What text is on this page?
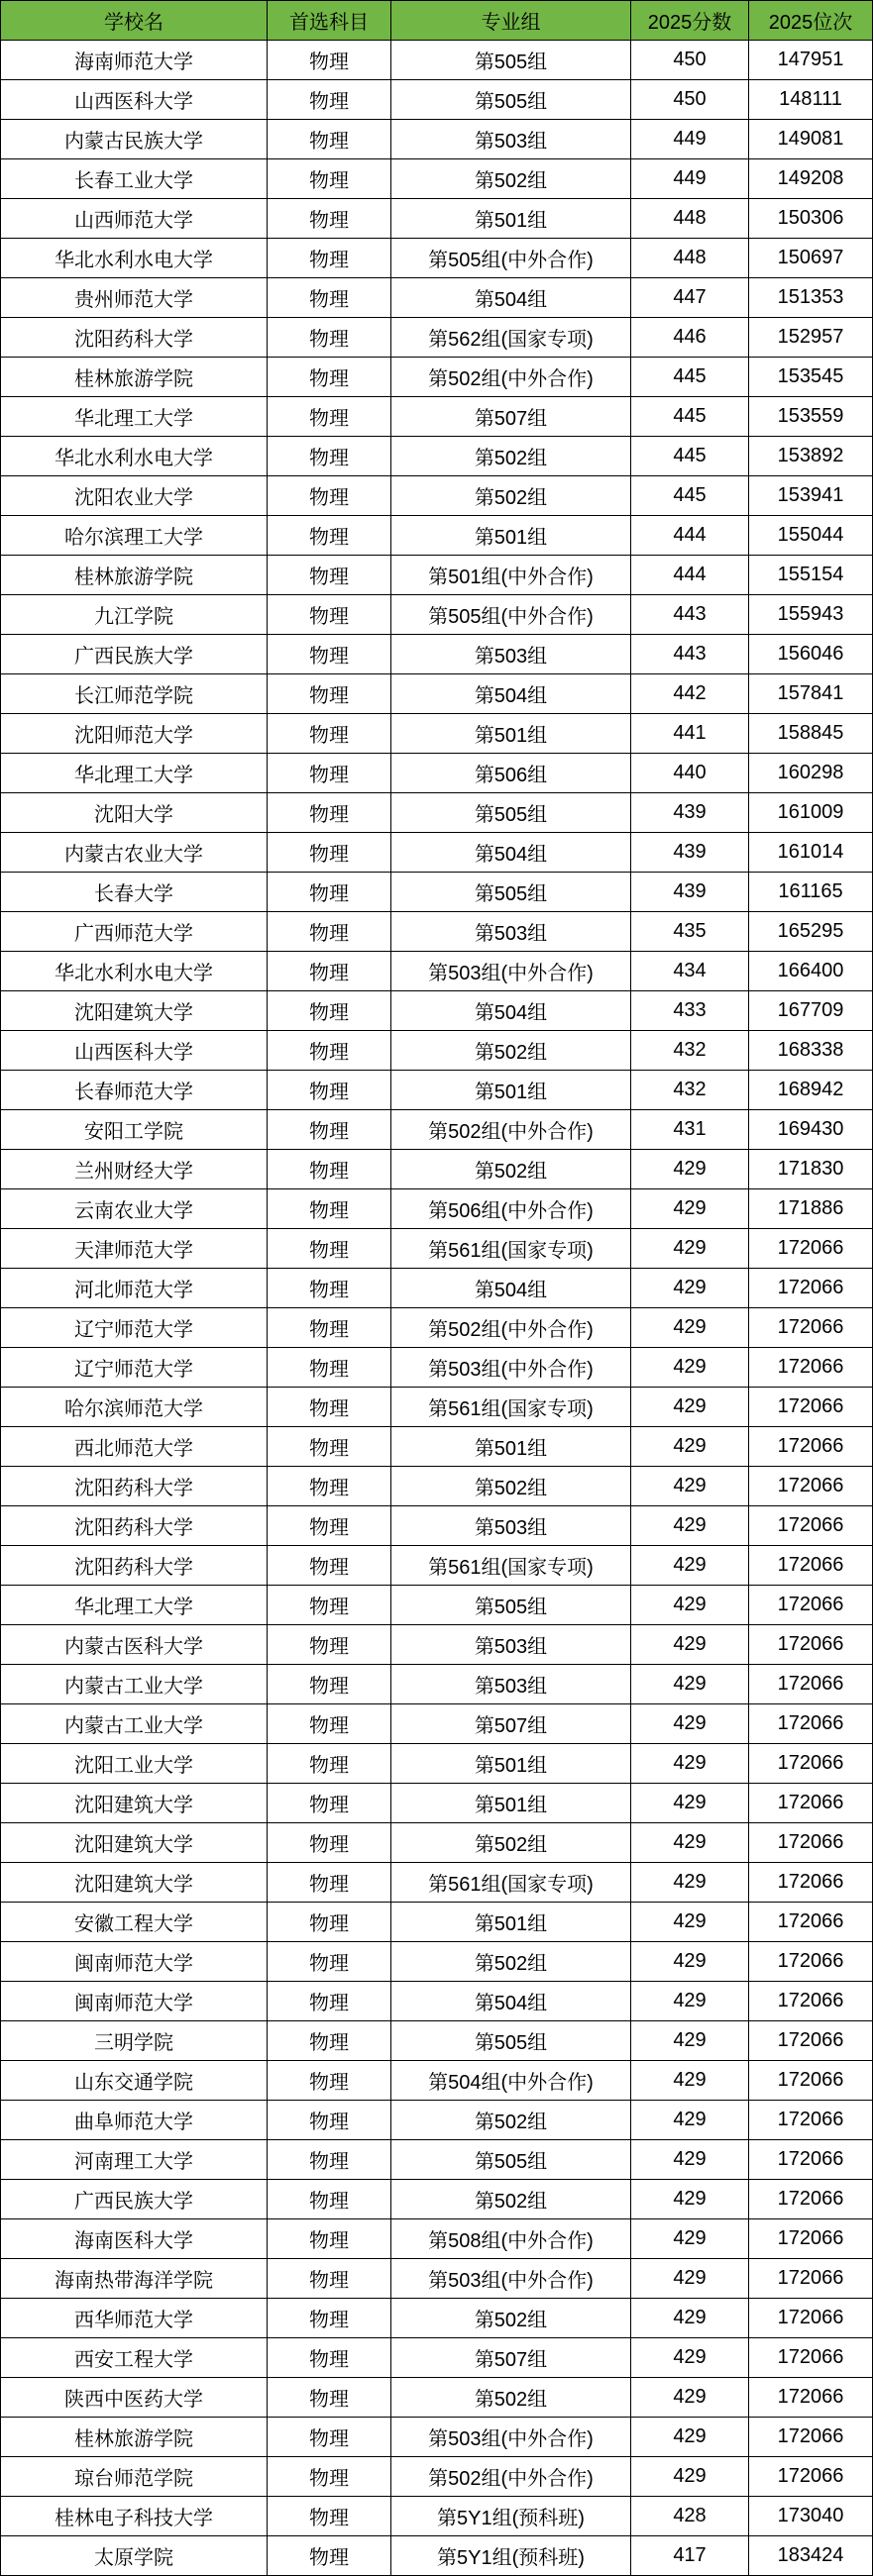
学校名	首选科目	专业组	2025分数	2025位次
海南师范大学	物理	第505组	450	147951
山西医科大学	物理	第505组	450	148111
内蒙古民族大学	物理	第503组	449	149081
长春工业大学	物理	第502组	449	149208
山西师范大学	物理	第501组	448	150306
华北水利水电大学	物理	第505组(中外合作)	448	150697
贵州师范大学	物理	第504组	447	151353
沈阳药科大学	物理	第562组(国家专项)	446	152957
桂林旅游学院	物理	第502组(中外合作)	445	153545
华北理工大学	物理	第507组	445	153559
华北水利水电大学	物理	第502组	445	153892
沈阳农业大学	物理	第502组	445	153941
哈尔滨理工大学	物理	第501组	444	155044
桂林旅游学院	物理	第501组(中外合作)	444	155154
九江学院	物理	第505组(中外合作)	443	155943
广西民族大学	物理	第503组	443	156046
长江师范学院	物理	第504组	442	157841
沈阳师范大学	物理	第501组	441	158845
华北理工大学	物理	第506组	440	160298
沈阳大学	物理	第505组	439	161009
内蒙古农业大学	物理	第504组	439	161014
长春大学	物理	第505组	439	161165
广西师范大学	物理	第503组	435	165295
华北水利水电大学	物理	第503组(中外合作)	434	166400
沈阳建筑大学	物理	第504组	433	167709
山西医科大学	物理	第502组	432	168338
长春师范大学	物理	第501组	432	168942
安阳工学院	物理	第502组(中外合作)	431	169430
兰州财经大学	物理	第502组	429	171830
云南农业大学	物理	第506组(中外合作)	429	171886
天津师范大学	物理	第561组(国家专项)	429	172066
河北师范大学	物理	第504组	429	172066
辽宁师范大学	物理	第502组(中外合作)	429	172066
辽宁师范大学	物理	第503组(中外合作)	429	172066
哈尔滨师范大学	物理	第561组(国家专项)	429	172066
西北师范大学	物理	第501组	429	172066
沈阳药科大学	物理	第502组	429	172066
沈阳药科大学	物理	第503组	429	172066
沈阳药科大学	物理	第561组(国家专项)	429	172066
华北理工大学	物理	第505组	429	172066
内蒙古医科大学	物理	第503组	429	172066
内蒙古工业大学	物理	第503组	429	172066
内蒙古工业大学	物理	第507组	429	172066
沈阳工业大学	物理	第501组	429	172066
沈阳建筑大学	物理	第501组	429	172066
沈阳建筑大学	物理	第502组	429	172066
沈阳建筑大学	物理	第561组(国家专项)	429	172066
安徽工程大学	物理	第501组	429	172066
闽南师范大学	物理	第502组	429	172066
闽南师范大学	物理	第504组	429	172066
三明学院	物理	第505组	429	172066
山东交通学院	物理	第504组(中外合作)	429	172066
曲阜师范大学	物理	第502组	429	172066
河南理工大学	物理	第505组	429	172066
广西民族大学	物理	第502组	429	172066
海南医科大学	物理	第508组(中外合作)	429	172066
海南热带海洋学院	物理	第503组(中外合作)	429	172066
西华师范大学	物理	第502组	429	172066
西安工程大学	物理	第507组	429	172066
陕西中医药大学	物理	第502组	429	172066
桂林旅游学院	物理	第503组(中外合作)	429	172066
琼台师范学院	物理	第502组(中外合作)	429	172066
桂林电子科技大学	物理	第5Y1组(预科班)	428	173040
太原学院	物理	第5Y1组(预科班)	417	183424
